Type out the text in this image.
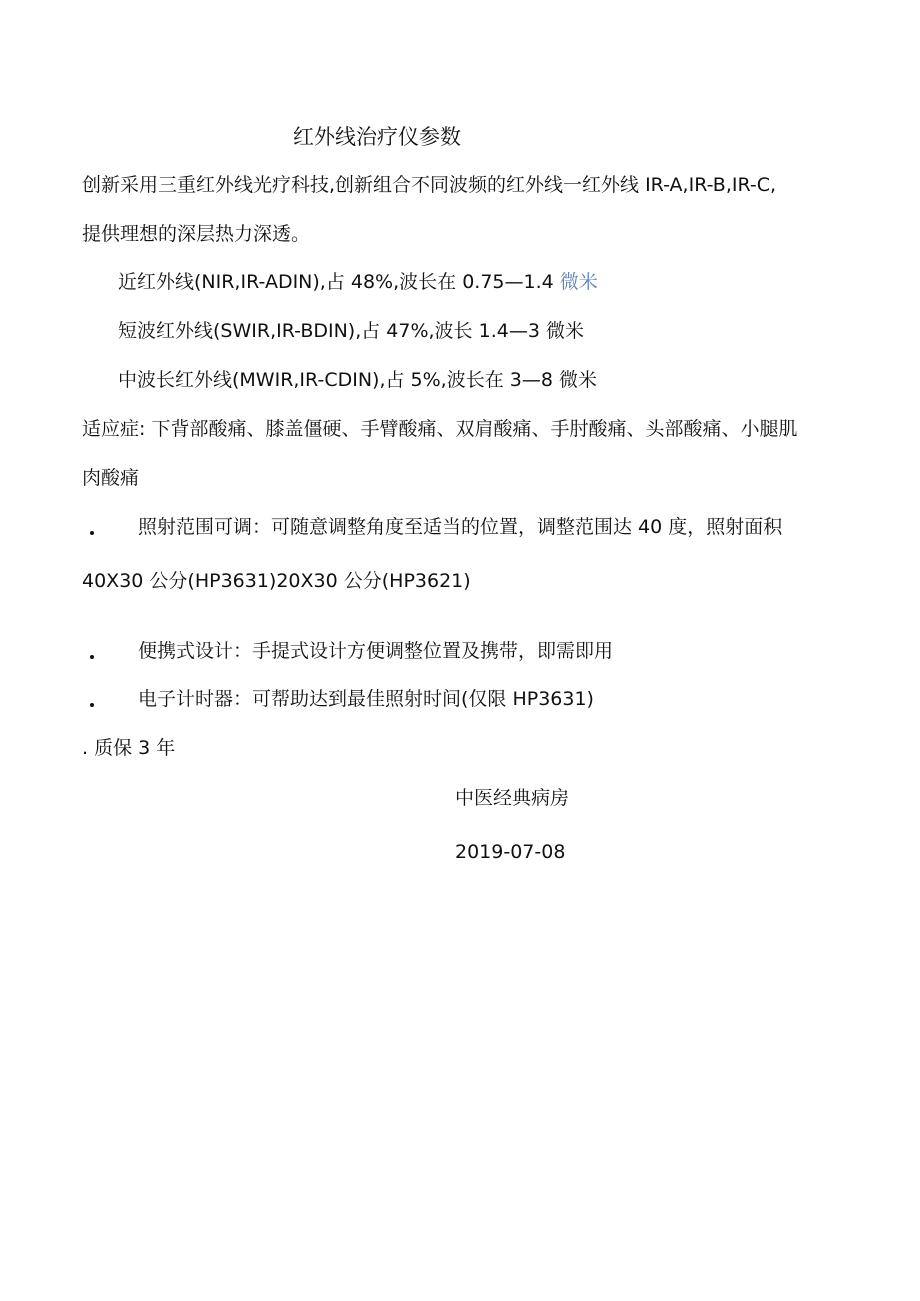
红外线治疗仪参数
创新采用三重红外线光疗科技,创新组合不同波频的红外线一红外线 IR-A,IR-B,IR-C,
提供理想的深层热力深透。
近红外线(NIR,IR-ADIN),占 48%,波长在 0.75—1.4 微米
短波红外线(SWIR,IR-BDIN),占 47%,波长 1.4—3 微米
中波长红外线(MWIR,IR-CDIN),占 5%,波长在 3—8 微米
适应症: 下背部酸痛、膝盖僵硬、手臂酸痛、双肩酸痛、手肘酸痛、头部酸痛、小腿肌
肉酸痛
照射范围可调：可随意调整角度至适当的位置，调整范围达 40 度，照射面积
40X30 公分(HP3631)20X30 公分(HP3621)
便携式设计：手提式设计方便调整位置及携带，即需即用
电子计时器：可帮助达到最佳照射时间(仅限 HP3631)
. 质保 3 年
中医经典病房
2019-07-08
